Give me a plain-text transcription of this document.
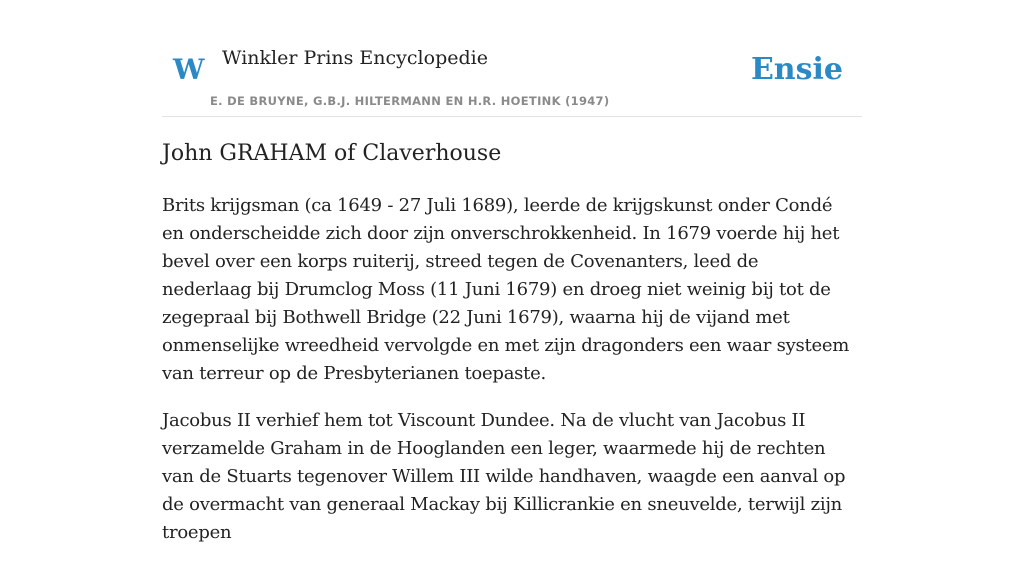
W Winkler Prins Encyclopedie
E. DE BRUYNE, G.B.J. HILTERMANN EN H.R. HOETINK (1947)
Ensie
John GRAHAM of Claverhouse

Brits krijgsman (ca 1649 - 27 Juli 1689), leerde de krijgskunst onder Condé en onderscheidde zich door zijn onverschrokkenheid. In 1679 voerde hij het bevel over een korps ruiterij, streed tegen de Covenanters, leed de nederlaag bij Drumclog Moss (11 Juni 1679) en droeg niet weinig bij tot de zegepraal bij Bothwell Bridge (22 Juni 1679), waarna hij de vijand met onmenselijke wreedheid vervolgde en met zijn dragonders een waar systeem van terreur op de Presbyterianen toepaste.

Jacobus II verhief hem tot Viscount Dundee. Na de vlucht van Jacobus II verzamelde Graham in de Hooglanden een leger, waarmede hij de rechten van de Stuarts tegenover Willem III wilde handhaven, waagde een aanval op de overmacht van generaal Mackay bij Killicrankie en sneuvelde, terwijl zijn troepen
